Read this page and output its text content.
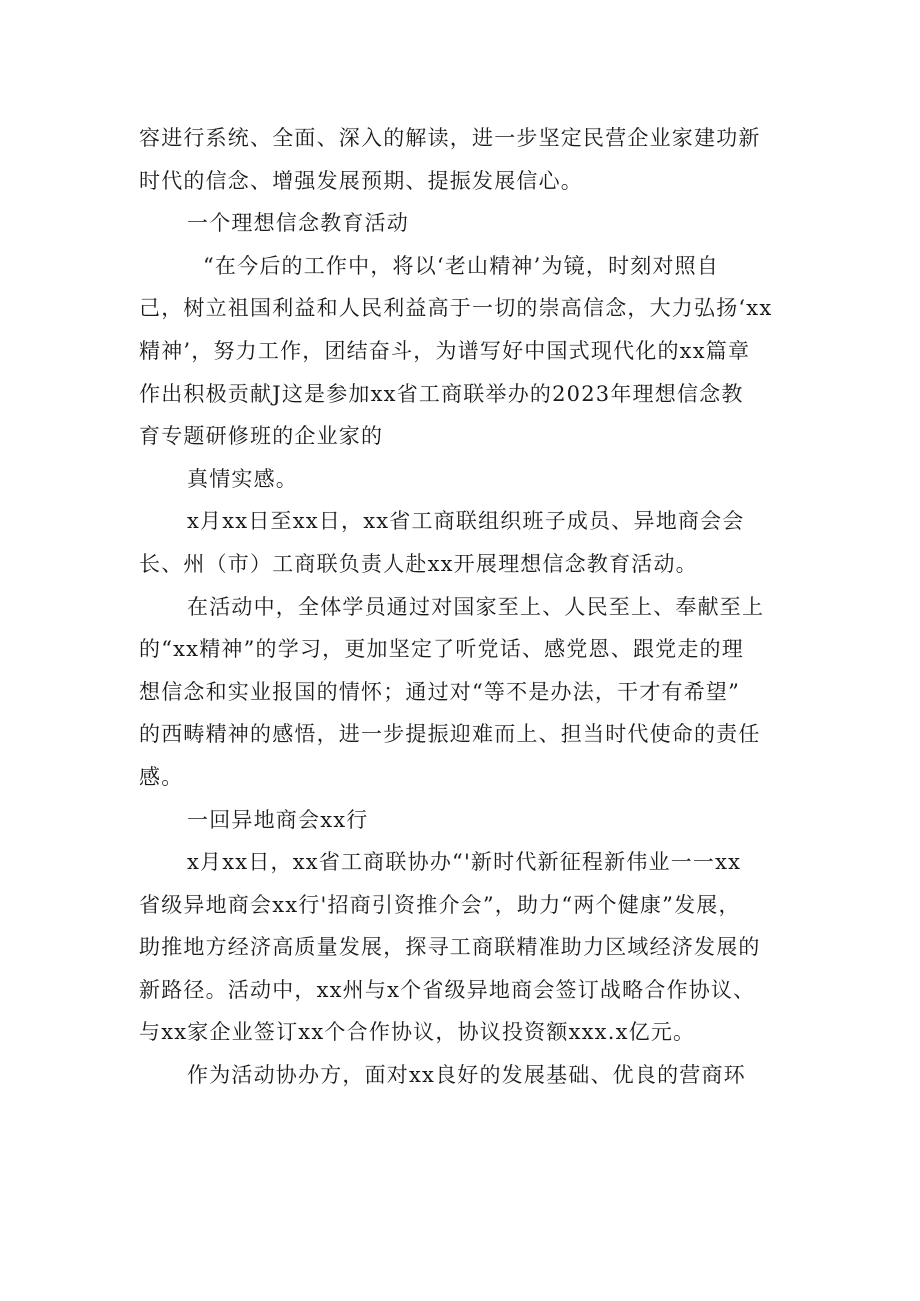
容进行系统、全面、深入的解读，进一步坚定民营企业家建功新
时代的信念、增强发展预期、提振发展信心。
一个理想信念教育活动
“在今后的工作中，将以‘老山精神’为镜，时刻对照自
己，树立祖国利益和人民利益高于一切的崇高信念，大力弘扬‘xx
精神’，努力工作，团结奋斗，为谱写好中国式现代化的xx篇章
作出积极贡献J这是参加xx省工商联举办的2023年理想信念教
育专题研修班的企业家的
真情实感。
x月xx日至xx日，xx省工商联组织班子成员、异地商会会
长、州（市）工商联负责人赴xx开展理想信念教育活动。
在活动中，全体学员通过对国家至上、人民至上、奉献至上
的“xx精神”的学习，更加坚定了听党话、感党恩、跟党走的理
想信念和实业报国的情怀；通过对“等不是办法，干才有希望”
的西畴精神的感悟，进一步提振迎难而上、担当时代使命的责任
感。
一回异地商会xx行
x月xx日，xx省工商联协办“'新时代新征程新伟业一一xx
省级异地商会xx行'招商引资推介会”，助力“两个健康”发展，
助推地方经济高质量发展，探寻工商联精准助力区域经济发展的
新路径。活动中，xx州与x个省级异地商会签订战略合作协议、
与xx家企业签订xx个合作协议，协议投资额xxx.x亿元。
作为活动协办方，面对xx良好的发展基础、优良的营商环
